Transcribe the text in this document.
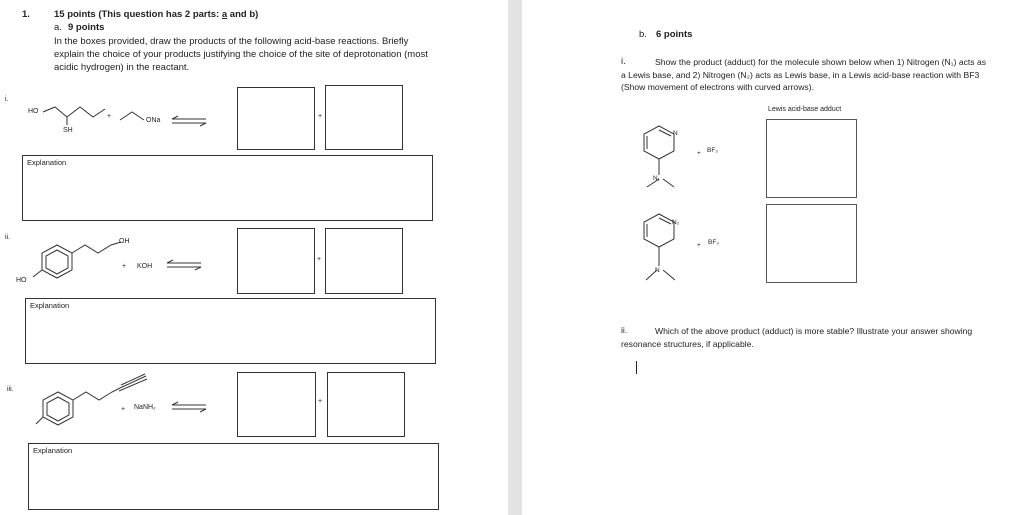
1.	15 points (This question has 2 parts: a and b)
a. 9 points
In the boxes provided, draw the products of the following acid-base reactions. Briefly
explain the choice of your products justifying the choice of the site of deprotonation (most
acidic hydrogen) in the reactant.
i.
HO
SH
+
ONa
+
Explanation
ii.
OH
HO
+ KOH
+
Explanation
iii.
+ NaNH₂
+
Explanation
b. 6 points
i.	Show the product (adduct) for the molecule shown below when 1) Nitrogen (N₁) acts as
a Lewis base, and 2) Nitrogen (N₂) acts as Lewis base, in a Lewis acid-base reaction with BF3
(Show movement of electrons with curved arrows).
Lewis acid-base adduct
N
N₁
+ BF₃
N₂
N
+ BF₃
ii.	Which of the above product (adduct) is more stable? Illustrate your answer showing
resonance structures, if applicable.
